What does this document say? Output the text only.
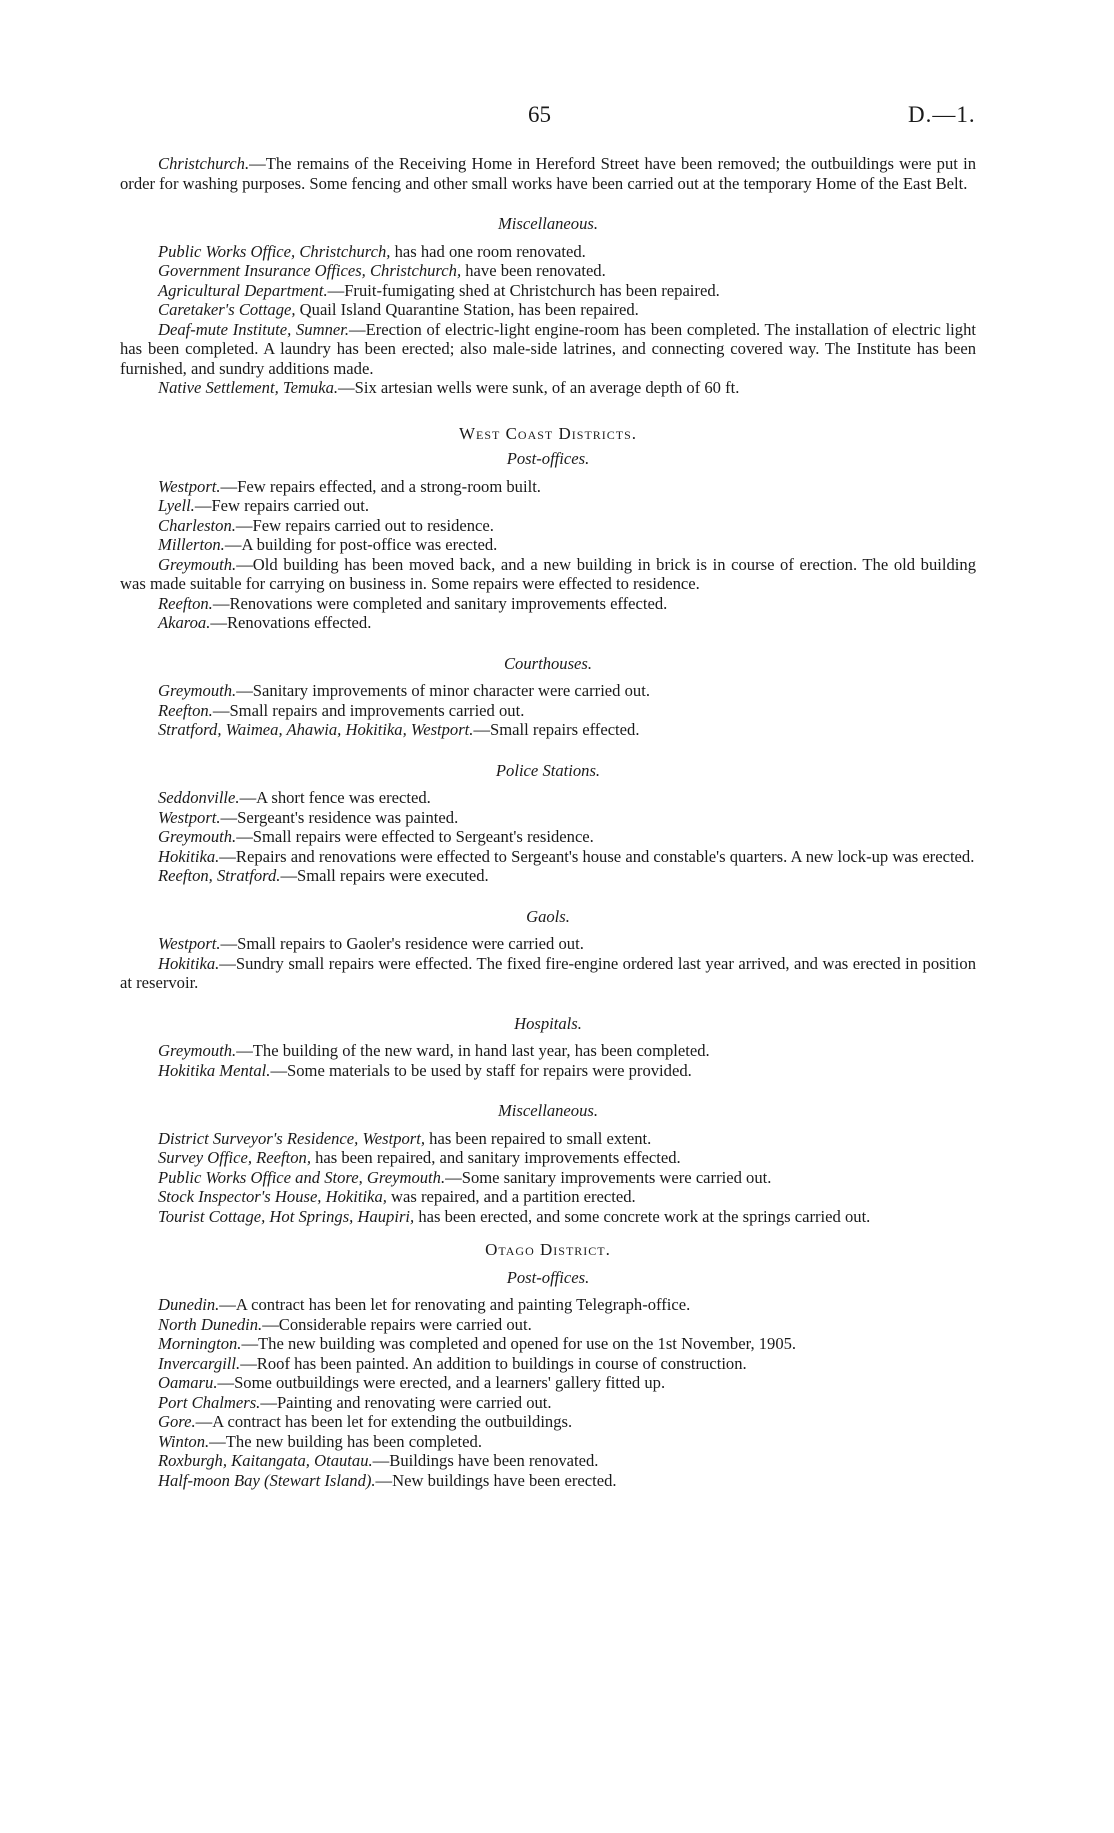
65	D.—1.

Christchurch.—The remains of the Receiving Home in Hereford Street have been removed; the outbuildings were put in order for washing purposes. Some fencing and other small works have been carried out at the temporary Home of the East Belt.

Miscellaneous.

Public Works Office, Christchurch, has had one room renovated.

Government Insurance Offices, Christchurch, have been renovated.

Agricultural Department.—Fruit-fumigating shed at Christchurch has been repaired.

Caretaker's Cottage, Quail Island Quarantine Station, has been repaired.

Deaf-mute Institute, Sumner.—Erection of electric-light engine-room has been completed. The installation of electric light has been completed. A laundry has been erected; also male-side latrines, and connecting covered way. The Institute has been furnished, and sundry additions made.

Native Settlement, Temuka.—Six artesian wells were sunk, of an average depth of 60 ft.

West Coast Districts.

Post-offices.

Westport.—Few repairs effected, and a strong-room built.

Lyell.—Few repairs carried out.

Charleston.—Few repairs carried out to residence.

Millerton.—A building for post-office was erected.

Greymouth.—Old building has been moved back, and a new building in brick is in course of erection. The old building was made suitable for carrying on business in. Some repairs were effected to residence.

Reefton.—Renovations were completed and sanitary improvements effected.

Akaroa.—Renovations effected.

Courthouses.

Greymouth.—Sanitary improvements of minor character were carried out.

Reefton.—Small repairs and improvements carried out.

Stratford, Waimea, Ahawia, Hokitika, Westport.—Small repairs effected.

Police Stations.

Seddonville.—A short fence was erected.

Westport.—Sergeant's residence was painted.

Greymouth.—Small repairs were effected to Sergeant's residence.

Hokitika.—Repairs and renovations were effected to Sergeant's house and constable's quarters. A new lock-up was erected.

Reefton, Stratford.—Small repairs were executed.

Gaols.

Westport.—Small repairs to Gaoler's residence were carried out.

Hokitika.—Sundry small repairs were effected. The fixed fire-engine ordered last year arrived, and was erected in position at reservoir.

Hospitals.

Greymouth.—The building of the new ward, in hand last year, has been completed.

Hokitika Mental.—Some materials to be used by staff for repairs were provided.

Miscellaneous.

District Surveyor's Residence, Westport, has been repaired to small extent.

Survey Office, Reefton, has been repaired, and sanitary improvements effected.

Public Works Office and Store, Greymouth.—Some sanitary improvements were carried out.

Stock Inspector's House, Hokitika, was repaired, and a partition erected.

Tourist Cottage, Hot Springs, Haupiri, has been erected, and some concrete work at the springs carried out.

Otago District.

Post-offices.

Dunedin.—A contract has been let for renovating and painting Telegraph-office.

North Dunedin.—Considerable repairs were carried out.

Mornington.—The new building was completed and opened for use on the 1st November, 1905.

Invercargill.—Roof has been painted. An addition to buildings in course of construction.

Oamaru.—Some outbuildings were erected, and a learners' gallery fitted up.

Port Chalmers.—Painting and renovating were carried out.

Gore.—A contract has been let for extending the outbuildings.

Winton.—The new building has been completed.

Roxburgh, Kaitangata, Otautau.—Buildings have been renovated.

Half-moon Bay (Stewart Island).—New buildings have been erected.
